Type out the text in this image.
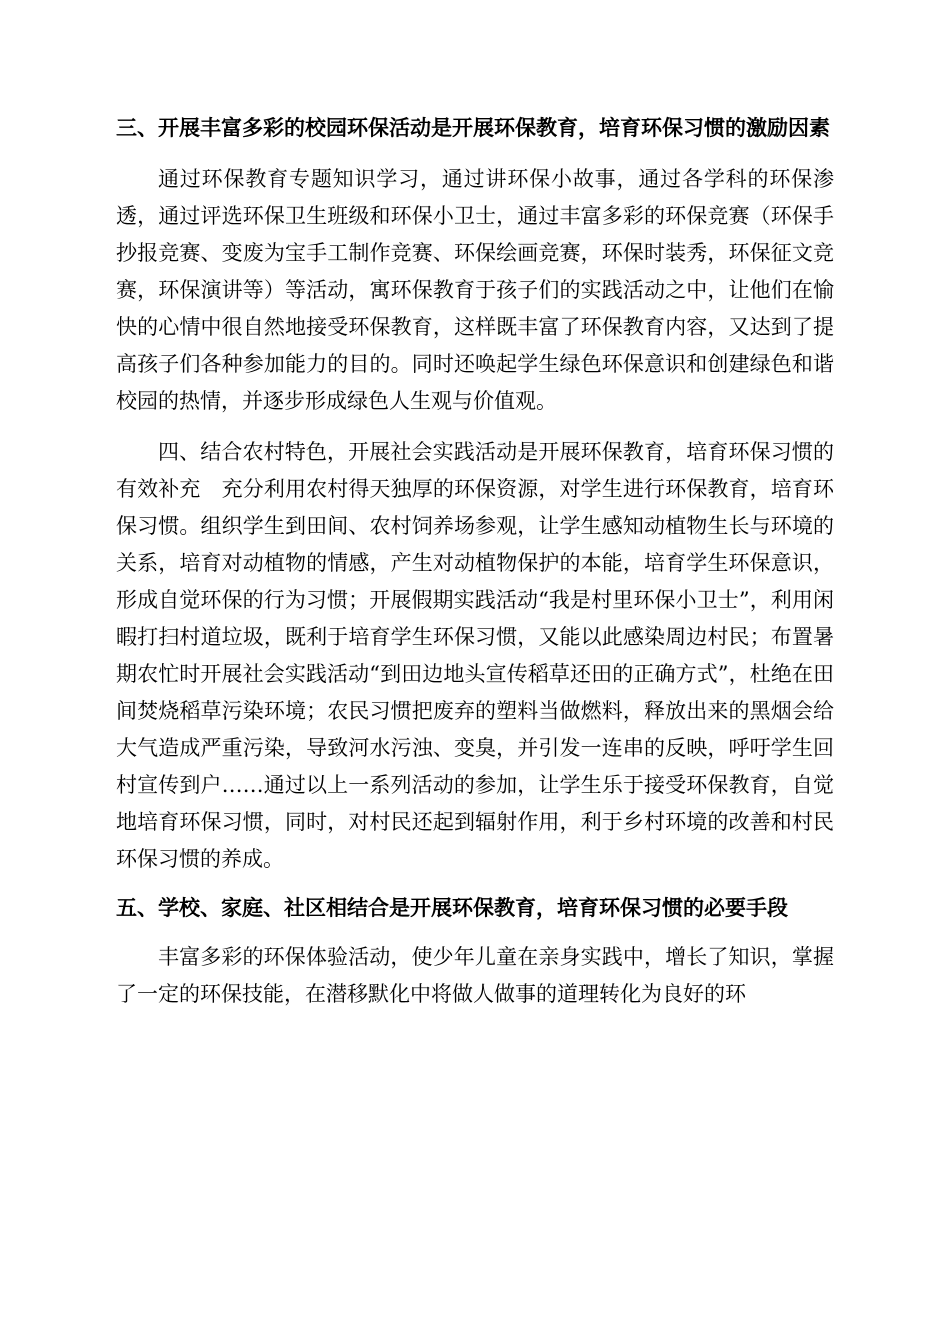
三、开展丰富多彩的校园环保活动是开展环保教育，培育环保习惯的激励因素

通过环保教育专题知识学习，通过讲环保小故事，通过各学科的环保渗透，通过评选环保卫生班级和环保小卫士，通过丰富多彩的环保竞赛（环保手抄报竞赛、变废为宝手工制作竞赛、环保绘画竞赛，环保时装秀，环保征文竞赛，环保演讲等）等活动，寓环保教育于孩子们的实践活动之中，让他们在愉快的心情中很自然地接受环保教育，这样既丰富了环保教育内容，又达到了提高孩子们各种参加能力的目的。同时还唤起学生绿色环保意识和创建绿色和谐校园的热情，并逐步形成绿色人生观与价值观。

四、结合农村特色，开展社会实践活动是开展环保教育，培育环保习惯的有效补充　充分利用农村得天独厚的环保资源，对学生进行环保教育，培育环保习惯。组织学生到田间、农村饲养场参观，让学生感知动植物生长与环境的关系，培育对动植物的情感，产生对动植物保护的本能，培育学生环保意识，形成自觉环保的行为习惯；开展假期实践活动“我是村里环保小卫士”，利用闲暇打扫村道垃圾，既利于培育学生环保习惯，又能以此感染周边村民；布置暑期农忙时开展社会实践活动“到田边地头宣传稻草还田的正确方式”，杜绝在田间焚烧稻草污染环境；农民习惯把废弃的塑料当做燃料，释放出来的黑烟会给大气造成严重污染，导致河水污浊、变臭，并引发一连串的反映，呼吁学生回村宣传到户……通过以上一系列活动的参加，让学生乐于接受环保教育，自觉地培育环保习惯，同时，对村民还起到辐射作用，利于乡村环境的改善和村民环保习惯的养成。

五、学校、家庭、社区相结合是开展环保教育，培育环保习惯的必要手段

丰富多彩的环保体验活动，使少年儿童在亲身实践中，增长了知识，掌握了一定的环保技能，在潜移默化中将做人做事的道理转化为良好的环
